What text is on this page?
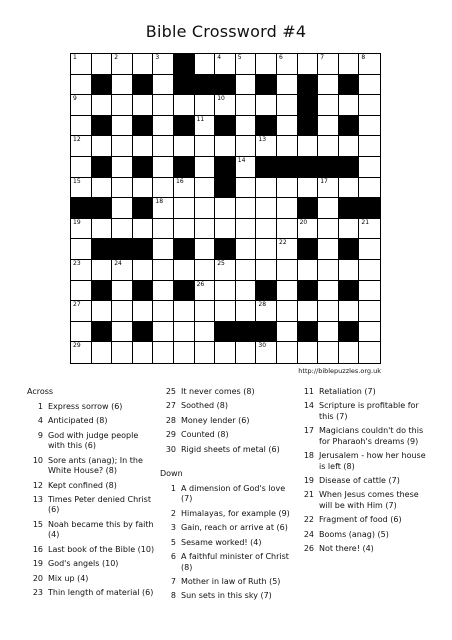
Bible Crossword #4
1	2	3	4	5	6	7	8
9	10
11
12	13
14
15	16	17
18
19	20	21
22
23	24	25
26
27	28
29	30
http://biblepuzzles.org.uk
Across
1 Express sorrow (6)
4 Anticipated (8)
9 God with judge people with this (6)
10 Sore ants (anag); In the White House? (8)
12 Kept confined (8)
13 Times Peter denied Christ (6)
15 Noah became this by faith (4)
16 Last book of the Bible (10)
19 God's angels (10)
20 Mix up (4)
23 Thin length of material (6)
25 It never comes (8)
27 Soothed (8)
28 Money lender (6)
29 Counted (8)
30 Rigid sheets of metal (6)
Down
1 A dimension of God's love (7)
2 Himalayas, for example (9)
3 Gain, reach or arrive at (6)
5 Sesame worked! (4)
6 A faithful minister of Christ (8)
7 Mother in law of Ruth (5)
8 Sun sets in this sky (7)
11 Retaliation (7)
14 Scripture is profitable for this (7)
17 Magicians couldn't do this for Pharaoh's dreams (9)
18 Jerusalem - how her house is left (8)
19 Disease of cattle (7)
21 When Jesus comes these will be with Him (7)
22 Fragment of food (6)
24 Booms (anag) (5)
26 Not there! (4)
